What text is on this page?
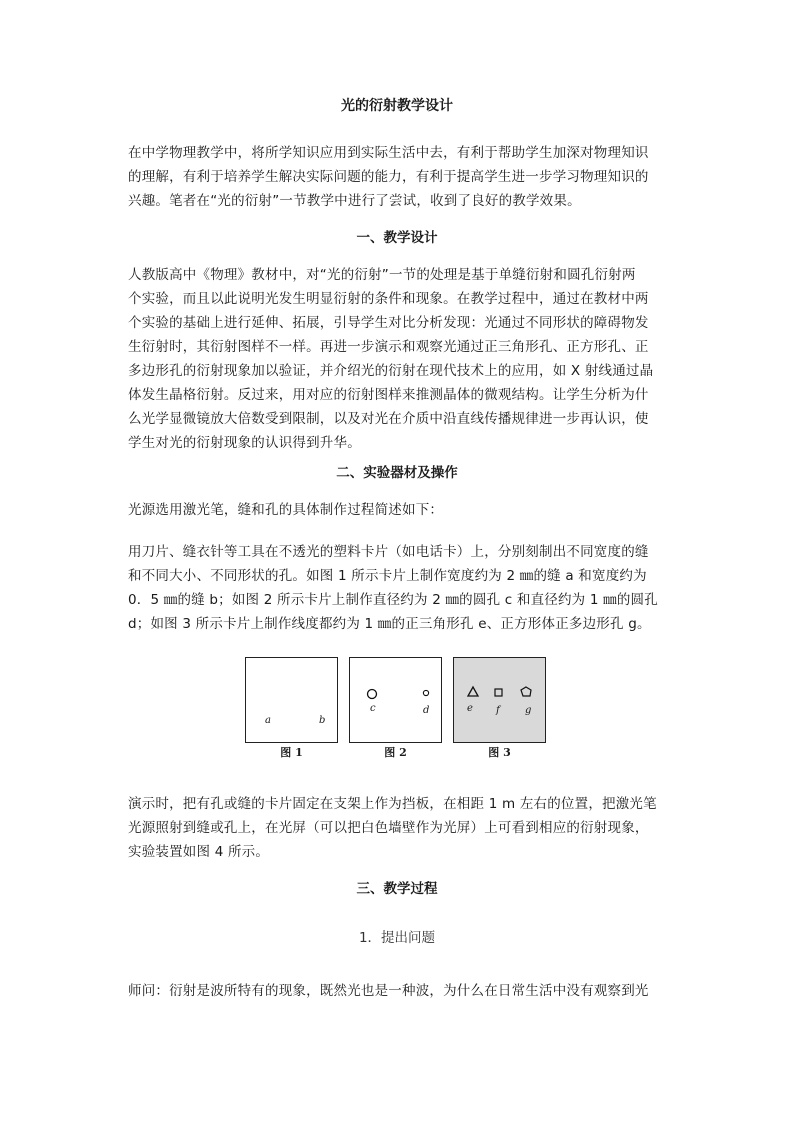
光的衍射教学设计

在中学物理教学中，将所学知识应用到实际生活中去，有利于帮助学生加深对物理知识
的理解，有利于培养学生解决实际问题的能力，有利于提高学生进一步学习物理知识的
兴趣。笔者在“光的衍射”一节教学中进行了尝试，收到了良好的教学效果。

一、教学设计

人教版高中《物理》教材中，对“光的衍射”一节的处理是基于单缝衍射和圆孔衍射两
个实验，而且以此说明光发生明显衍射的条件和现象。在教学过程中，通过在教材中两
个实验的基础上进行延伸、拓展，引导学生对比分析发现：光通过不同形状的障碍物发
生衍射时，其衍射图样不一样。再进一步演示和观察光通过正三角形孔、正方形孔、正
多边形孔的衍射现象加以验证，并介绍光的衍射在现代技术上的应用，如 X 射线通过晶
体发生晶格衍射。反过来，用对应的衍射图样来推测晶体的微观结构。让学生分析为什
么光学显微镜放大倍数受到限制，以及对光在介质中沿直线传播规律进一步再认识，使
学生对光的衍射现象的认识得到升华。

二、实验器材及操作

光源选用激光笔，缝和孔的具体制作过程简述如下：

用刀片、缝衣针等工具在不透光的塑料卡片（如电话卡）上，分别刻制出不同宽度的缝
和不同大小、不同形状的孔。如图 1 所示卡片上制作宽度约为 2 ㎜的缝 a 和宽度约为
0．5 ㎜的缝 b；如图 2 所示卡片上制作直径约为 2 ㎜的圆孔 c 和直径约为 1 ㎜的圆孔
d；如图 3 所示卡片上制作线度都约为 1 ㎜的正三角形孔 e、正方形体正多边形孔 g。

a	b
图 1
c	d
图 2
e f	g
图 3

演示时，把有孔或缝的卡片固定在支架上作为挡板，在相距 1 m 左右的位置，把激光笔
光源照射到缝或孔上，在光屏（可以把白色墙壁作为光屏）上可看到相应的衍射现象，
实验装置如图 4 所示。

三、教学过程
1．提出问题

师问：衍射是波所特有的现象，既然光也是一种波，为什么在日常生活中没有观察到光
